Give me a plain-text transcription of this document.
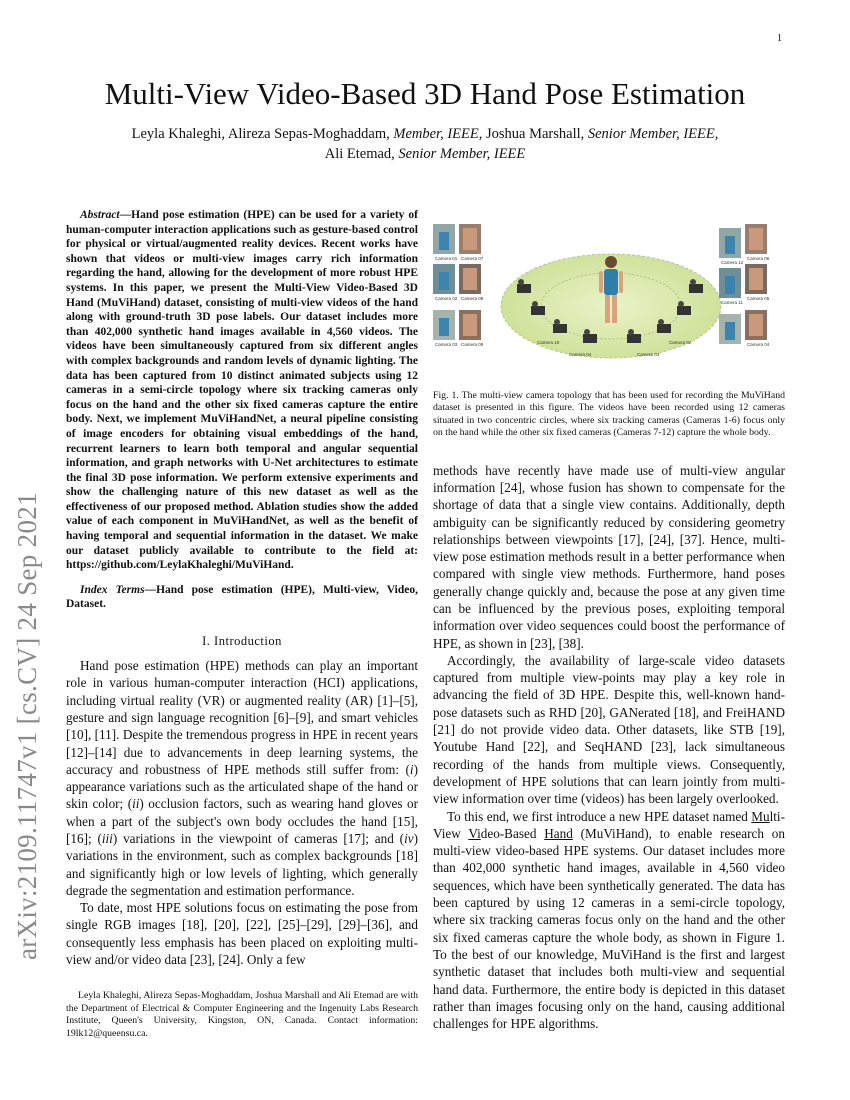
1
arXiv:2109.11747v1 [cs.CV] 24 Sep 2021
Multi-View Video-Based 3D Hand Pose Estimation
Leyla Khaleghi, Alireza Sepas-Moghaddam, Member, IEEE, Joshua Marshall, Senior Member, IEEE,
Ali Etemad, Senior Member, IEEE

Abstract—Hand pose estimation (HPE) can be used for a variety of human-computer interaction applications such as gesture-based control for physical or virtual/augmented reality devices. Recent works have shown that videos or multi-view images carry rich information regarding the hand, allowing for the development of more robust HPE systems. In this paper, we present the Multi-View Video-Based 3D Hand (MuViHand) dataset, consisting of multi-view videos of the hand along with ground-truth 3D pose labels. Our dataset includes more than 402,000 synthetic hand images available in 4,560 videos. The videos have been simultaneously captured from six different angles with complex backgrounds and random levels of dynamic lighting. The data has been captured from 10 distinct animated subjects using 12 cameras in a semi-circle topology where six tracking cameras only focus on the hand and the other six fixed cameras capture the entire body. Next, we implement MuViHandNet, a neural pipeline consisting of image encoders for obtaining visual embeddings of the hand, recurrent learners to learn both temporal and angular sequential information, and graph networks with U-Net architectures to estimate the final 3D pose information. We perform extensive experiments and show the challenging nature of this new dataset as well as the effectiveness of our proposed method. Ablation studies show the added value of each component in MuViHandNet, as well as the benefit of having temporal and sequential information in the dataset. We make our dataset publicly available to contribute to the field at: https://github.com/LeylaKhaleghi/MuViHand.

Index Terms—Hand pose estimation (HPE), Multi-view, Video, Dataset.

I. Introduction

Hand pose estimation (HPE) methods can play an important role in various human-computer interaction (HCI) applications, including virtual reality (VR) or augmented reality (AR) [1]–[5], gesture and sign language recognition [6]–[9], and smart vehicles [10], [11]. Despite the tremendous progress in HPE in recent years [12]–[14] due to advancements in deep learning systems, the accuracy and robustness of HPE methods still suffer from: (i) appearance variations such as the articulated shape of the hand or skin color; (ii) occlusion factors, such as wearing hand gloves or when a part of the subject's own body occludes the hand [15], [16]; (iii) variations in the viewpoint of cameras [17]; and (iv) variations in the environment, such as complex backgrounds [18] and significantly high or low levels of lighting, which generally degrade the segmentation and estimation performance.

To date, most HPE solutions focus on estimating the pose from single RGB images [18], [20], [22], [25]–[29], [29]–[36], and consequently less emphasis has been placed on exploiting multi-view and/or video data [23], [24]. Only a few

Leyla Khaleghi, Alireza Sepas-Moghaddam, Joshua Marshall and Ali Etemad are with the Department of Electrical & Computer Engineering and the Ingenuity Labs Research Institute, Queen's University, Kingston, ON, Canada. Contact information: 19lk12@queensu.ca.

Camera 01 Camera 07
Camera 02 Camera 08
Camera 03 Camera 09	Camera 10
Camera 04
Camera 12
Camera 06
Camera 11
Camera 05
Camera 04
Camera 03
Camera 02

Fig. 1. The multi-view camera topology that has been used for recording the MuViHand dataset is presented in this figure. The videos have been recorded using 12 cameras situated in two concentric circles, where six tracking cameras (Cameras 1-6) focus only on the hand while the other six fixed cameras (Cameras 7-12) capture the whole body.

methods have recently have made use of multi-view angular information [24], whose fusion has shown to compensate for the shortage of data that a single view contains. Additionally, depth ambiguity can be significantly reduced by considering geometry relationships between viewpoints [17], [24], [37]. Hence, multi-view pose estimation methods result in a better performance when compared with single view methods. Furthermore, hand poses generally change quickly and, because the pose at any given time can be influenced by the previous poses, exploiting temporal information over video sequences could boost the performance of HPE, as shown in [23], [38].

Accordingly, the availability of large-scale video datasets captured from multiple view-points may play a key role in advancing the field of 3D HPE. Despite this, well-known hand-pose datasets such as RHD [20], GANerated [18], and FreiHAND [21] do not provide video data. Other datasets, like STB [19], Youtube Hand [22], and SeqHAND [23], lack simultaneous recording of the hands from multiple views. Consequently, development of HPE solutions that can learn jointly from multi-view information over time (videos) has been largely overlooked.

To this end, we first introduce a new HPE dataset named Multi-View Video-Based Hand (MuViHand), to enable research on multi-view video-based HPE systems. Our dataset includes more than 402,000 synthetic hand images, available in 4,560 video sequences, which have been synthetically generated. The data has been captured by using 12 cameras in a semi-circle topology, where six tracking cameras focus only on the hand and the other six fixed cameras capture the whole body, as shown in Figure 1. To the best of our knowledge, MuViHand is the first and largest synthetic dataset that includes both multi-view and sequential hand data. Furthermore, the entire body is depicted in this dataset rather than images focusing only on the hand, causing additional challenges for HPE algorithms.
